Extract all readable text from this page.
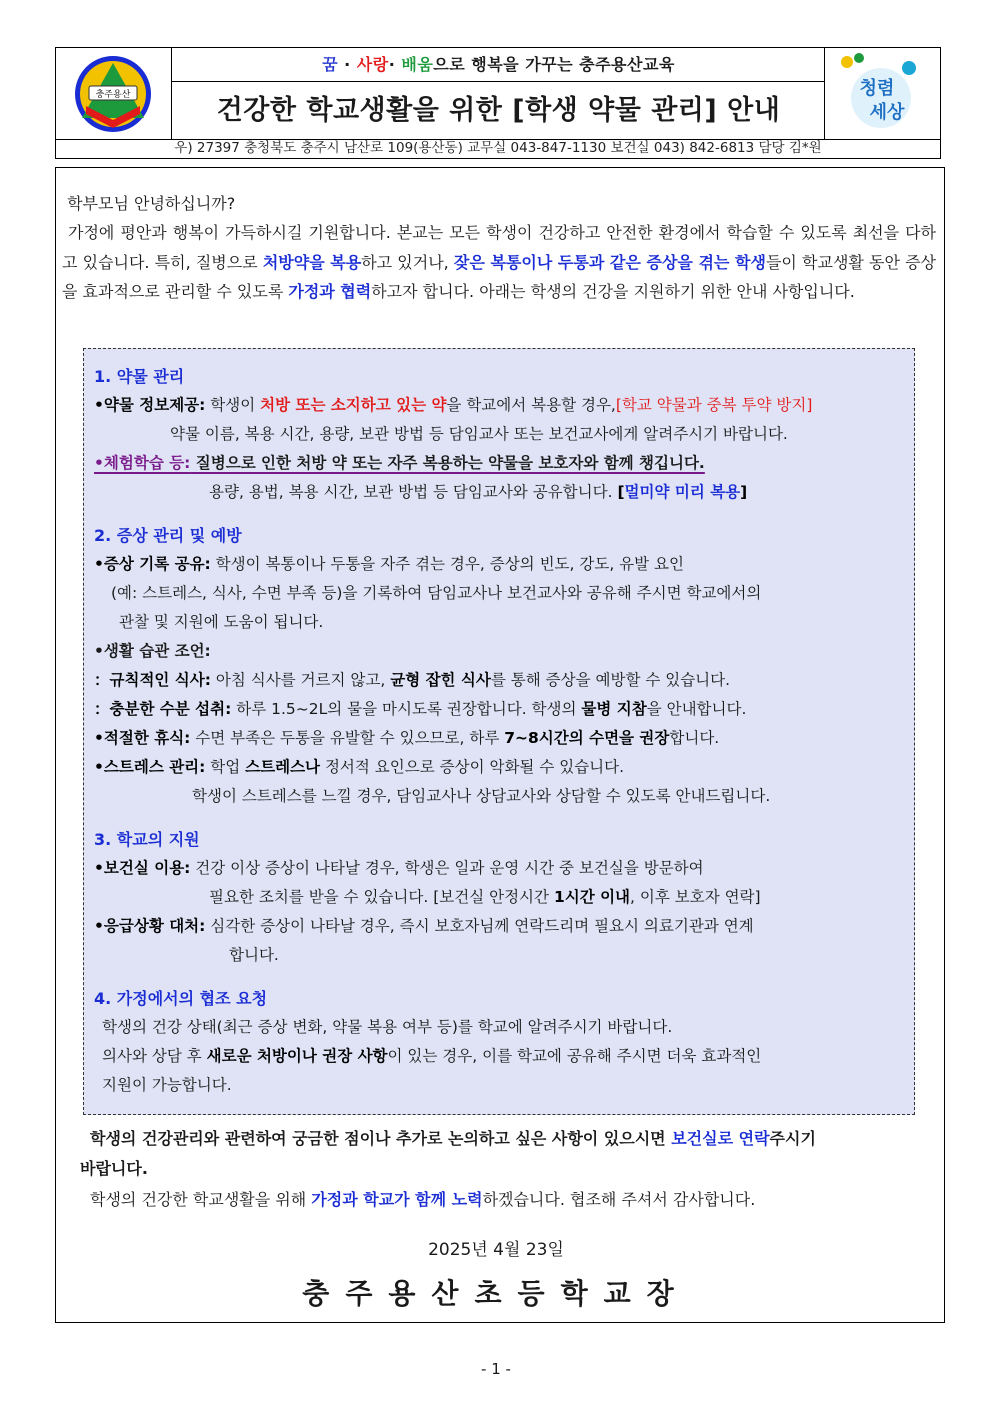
충주용산
꿈 · 사랑· 배움으로 행복을 가꾸는 충주용산교육
건강한 학교생활을 위한 [학생 약물 관리] 안내
청렴
세상
우) 27397 충청북도 충주시 남산로 109(용산동) 교무실 043-847-1130 보건실 043) 842-6813 담당 김*원
학부모님 안녕하십니까?
가정에 평안과 행복이 가득하시길 기원합니다. 본교는 모든 학생이 건강하고 안전한 환경에서 학습할 수 있도록 최선을 다하고 있습니다. 특히, 질병으로 처방약을 복용하고 있거나, 잦은 복통이나 두통과 같은 증상을 겪는 학생들이 학교생활 동안 증상을 효과적으로 관리할 수 있도록 가정과 협력하고자 합니다. 아래는 학생의 건강을 지원하기 위한 안내 사항입니다.
1. 약물 관리
•약물 정보제공: 학생이 처방 또는 소지하고 있는 약을 학교에서 복용할 경우,[학교 약물과 중복 투약 방지]
약물 이름, 복용 시간, 용량, 보관 방법 등 담임교사 또는 보건교사에게 알려주시기 바랍니다.
•체험학습 등: 질병으로 인한 처방 약 또는 자주 복용하는 약물을 보호자와 함께 챙깁니다.
용량, 용법, 복용 시간, 보관 방법 등 담임교사와 공유합니다. [멀미약 미리 복용]
2. 증상 관리 및 예방
•증상 기록 공유: 학생이 복통이나 두통을 자주 겪는 경우, 증상의 빈도, 강도, 유발 요인
(예: 스트레스, 식사, 수면 부족 등)을 기록하여 담임교사나 보건교사와 공유해 주시면 학교에서의
관찰 및 지원에 도움이 됩니다.
•생활 습관 조언:
：규칙적인 식사: 아침 식사를 거르지 않고, 균형 잡힌 식사를 통해 증상을 예방할 수 있습니다.
：충분한 수분 섭취: 하루 1.5~2L의 물을 마시도록 권장합니다. 학생의 물병 지참을 안내합니다.
•적절한 휴식: 수면 부족은 두통을 유발할 수 있으므로, 하루 7~8시간의 수면을 권장합니다.
•스트레스 관리: 학업 스트레스나 정서적 요인으로 증상이 악화될 수 있습니다.
학생이 스트레스를 느낄 경우, 담임교사나 상담교사와 상담할 수 있도록 안내드립니다.
3. 학교의 지원
•보건실 이용: 건강 이상 증상이 나타날 경우, 학생은 일과 운영 시간 중 보건실을 방문하여
필요한 조치를 받을 수 있습니다. [보건실 안정시간 1시간 이내, 이후 보호자 연락]
•응급상황 대처: 심각한 증상이 나타날 경우, 즉시 보호자님께 연락드리며 필요시 의료기관과 연계
합니다.
4. 가정에서의 협조 요청
학생의 건강 상태(최근 증상 변화, 약물 복용 여부 등)를 학교에 알려주시기 바랍니다.
의사와 상담 후 새로운 처방이나 권장 사항이 있는 경우, 이를 학교에 공유해 주시면 더욱 효과적인
지원이 가능합니다.
학생의 건강관리와 관련하여 궁금한 점이나 추가로 논의하고 싶은 사항이 있으시면 보건실로 연락주시기
바랍니다.
학생의 건강한 학교생활을 위해 가정과 학교가 함께 노력하겠습니다. 협조해 주셔서 감사합니다.
2025년 4월 23일
충주용산초등학교장
- 1 -
